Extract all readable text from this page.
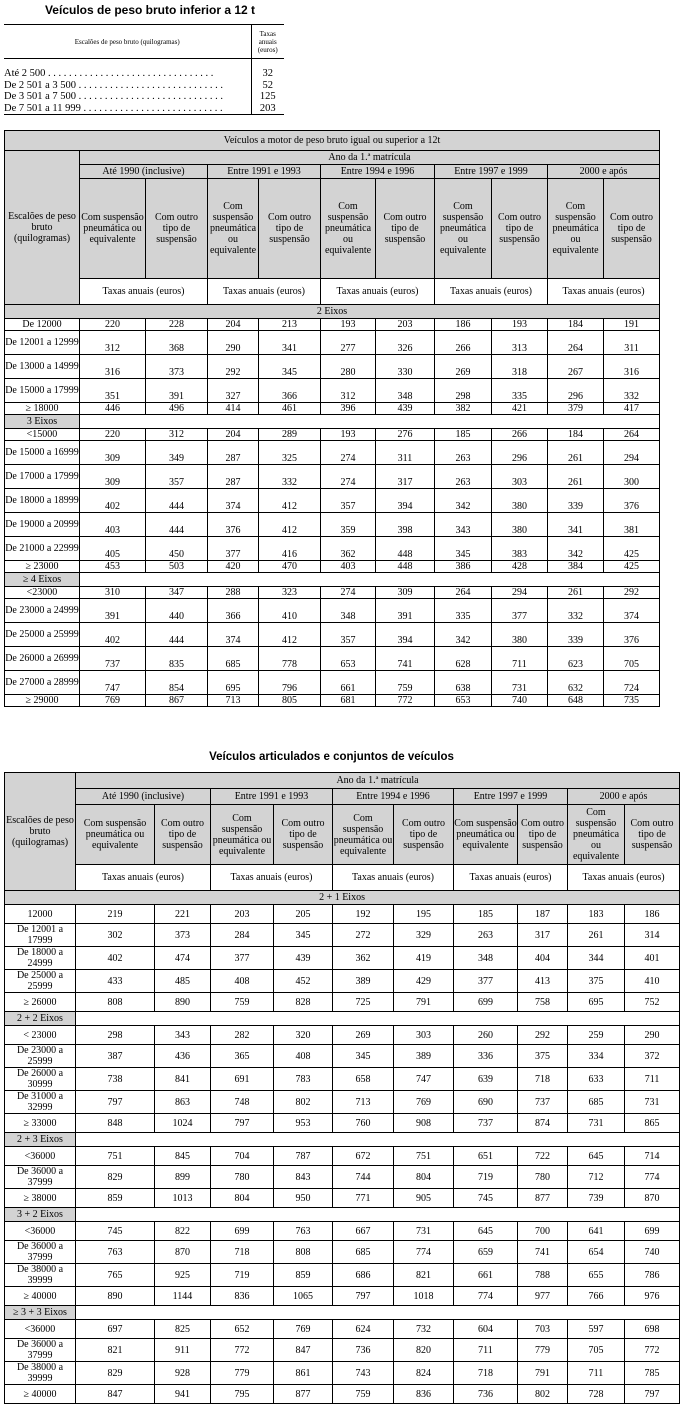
Veículos de peso bruto inferior a 12 t
Escalões de peso bruto (quilogramas)	Taxas anuais (euros)
Até 2 500 . . . . . . . . . . . . . . . . . . . . . . . . . . . . . . . .	32
De 2 501 a 3 500 . . . . . . . . . . . . . . . . . . . . . . . . . . . .	52
De 3 501 a 7 500 . . . . . . . . . . . . . . . . . . . . . . . . . . . .	125
De 7 501 a 11 999 . . . . . . . . . . . . . . . . . . . . . . . . . . .	203
Veículos a motor de peso bruto igual ou superior a 12t										
Escalões de peso bruto (quilogramas)	Ano da 1.ª matrícula									
	Até 1990 (inclusive)		Entre 1991 e 1993		Entre 1994 e 1996		Entre 1997 e 1999		2000 e após	
	Com suspensão pneumática ou equivalente	Com outro tipo de suspensão	Com suspensão pneumática ou equivalente	Com outro tipo de suspensão	Com suspensão pneumática ou equivalente	Com outro tipo de suspensão	Com suspensão pneumática ou equivalente	Com outro tipo de suspensão	Com suspensão pneumática ou equivalente	Com outro tipo de suspensão
	Taxas anuais (euros)		Taxas anuais (euros)		Taxas anuais (euros)		Taxas anuais (euros)		Taxas anuais (euros)	
2 Eixos										
De 12000	220	228	204	213	193	203	186	193	184	191
De 12001 a 12999	312	368	290	341	277	326	266	313	264	311
De 13000 a 14999	316	373	292	345	280	330	269	318	267	316
De 15000 a 17999	351	391	327	366	312	348	298	335	296	332
≥ 18000	446	496	414	461	396	439	382	421	379	417
3 Eixos										
<15000	220	312	204	289	193	276	185	266	184	264
De 15000 a 16999	309	349	287	325	274	311	263	296	261	294
De 17000 a 17999	309	357	287	332	274	317	263	303	261	300
De 18000 a 18999	402	444	374	412	357	394	342	380	339	376
De 19000 a 20999	403	444	376	412	359	398	343	380	341	381
De 21000 a 22999	405	450	377	416	362	448	345	383	342	425
≥ 23000	453	503	420	470	403	448	386	428	384	425
≥ 4 Eixos										
<23000	310	347	288	323	274	309	264	294	261	292
De 23000 a 24999	391	440	366	410	348	391	335	377	332	374
De 25000 a 25999	402	444	374	412	357	394	342	380	339	376
De 26000 a 26999	737	835	685	778	653	741	628	711	623	705
De 27000 a 28999	747	854	695	796	661	759	638	731	632	724
≥ 29000	769	867	713	805	681	772	653	740	648	735
Veículos articulados e conjuntos de veículos
Escalões de peso bruto (quilogramas)	Ano da 1.ª matrícula									
	Até 1990 (inclusive)		Entre 1991 e 1993		Entre 1994 e 1996		Entre 1997 e 1999		2000 e após	
	Com suspensão pneumática ou equivalente	Com outro tipo de suspensão	Com suspensão pneumática ou equivalente	Com outro tipo de suspensão	Com suspensão pneumática ou equivalente	Com outro tipo de suspensão	Com suspensão pneumática ou equivalente	Com outro tipo de suspensão	Com suspensão pneumática ou equivalente	Com outro tipo de suspensão
	Taxas anuais (euros)		Taxas anuais (euros)		Taxas anuais (euros)		Taxas anuais (euros)		Taxas anuais (euros)	
2 + 1 Eixos										
12000	219	221	203	205	192	195	185	187	183	186
De 12001 a 17999	302	373	284	345	272	329	263	317	261	314
De 18000 a 24999	402	474	377	439	362	419	348	404	344	401
De 25000 a 25999	433	485	408	452	389	429	377	413	375	410
≥ 26000	808	890	759	828	725	791	699	758	695	752
2 + 2 Eixos										
< 23000	298	343	282	320	269	303	260	292	259	290
De 23000 a 25999	387	436	365	408	345	389	336	375	334	372
De 26000 a 30999	738	841	691	783	658	747	639	718	633	711
De 31000 a 32999	797	863	748	802	713	769	690	737	685	731
≥ 33000	848	1024	797	953	760	908	737	874	731	865
2 + 3 Eixos										
<36000	751	845	704	787	672	751	651	722	645	714
De 36000 a 37999	829	899	780	843	744	804	719	780	712	774
≥ 38000	859	1013	804	950	771	905	745	877	739	870
3 + 2 Eixos										
<36000	745	822	699	763	667	731	645	700	641	699
De 36000 a 37999	763	870	718	808	685	774	659	741	654	740
De 38000 a 39999	765	925	719	859	686	821	661	788	655	786
≥ 40000	890	1144	836	1065	797	1018	774	977	766	976
≥ 3 + 3 Eixos										
<36000	697	825	652	769	624	732	604	703	597	698
De 36000 a 37999	821	911	772	847	736	820	711	779	705	772
De 38000 a 39999	829	928	779	861	743	824	718	791	711	785
≥ 40000	847	941	795	877	759	836	736	802	728	797
